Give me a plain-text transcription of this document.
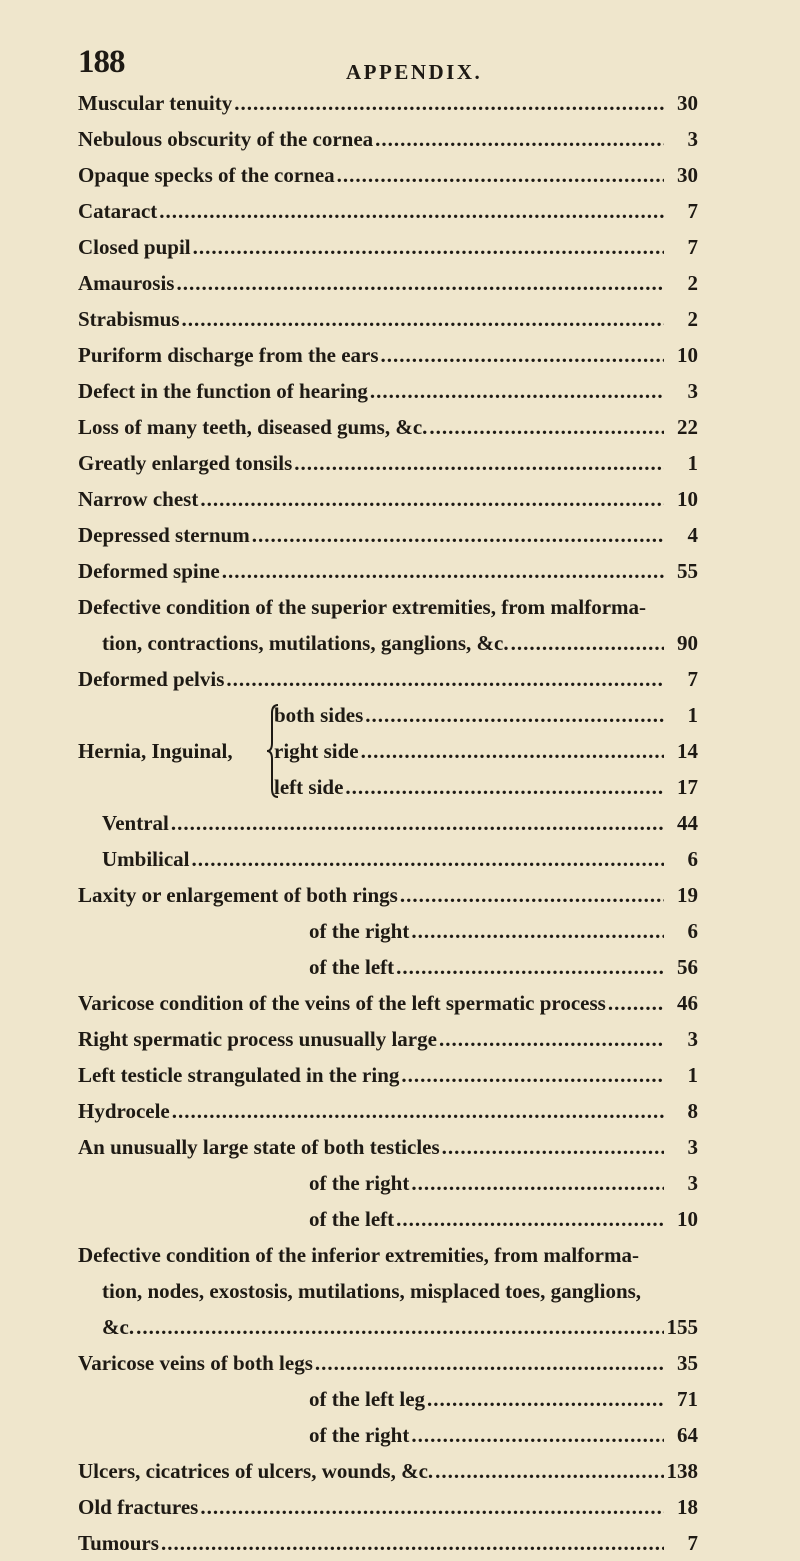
188	APPENDIX.
Muscular tenuity .....	30
Nebulous obscurity of the cornea .....	3
Opaque specks of the cornea .....	30
Cataract .....	7
Closed pupil .....	7
Amaurosis .....	2
Strabismus .....	2
Puriform discharge from the ears .....	10
Defect in the function of hearing .....	3
Loss of many teeth, diseased gums, &c. .....	22
Greatly enlarged tonsils .....	1
Narrow chest .....	10
Depressed sternum .....	4
Deformed spine .....	55
Defective condition of the superior extremities, from malforma-
tion, contractions, mutilations, ganglions, &c. .....	90
Deformed pelvis .....	7
Hernia, Inguinal,
both sides .....	1
right side .....	14
left side .....	17
Ventral .....	44
Umbilical .....	6
Laxity or enlargement of both rings .....	19
of the right .....	6
of the left .....	56
Varicose condition of the veins of the left spermatic process .....	46
Right spermatic process unusually large .....	3
Left testicle strangulated in the ring .....	1
Hydrocele .....	8
An unusually large state of both testicles .....	3
of the right .....	3
of the left .....	10
Defective condition of the inferior extremities, from malforma-
tion, nodes, exostosis, mutilations, misplaced toes, ganglions,
&c. .....	155
Varicose veins of both legs .....	35
of the left leg .....	71
of the right .....	64
Ulcers, cicatrices of ulcers, wounds, &c. .....	138
Old fractures .....	18
Tumours .....	7
